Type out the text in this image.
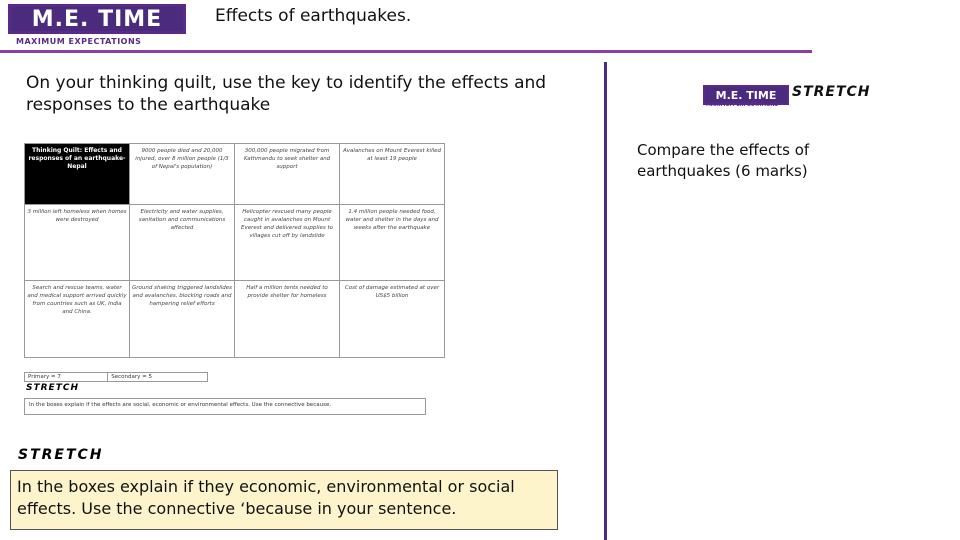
M.E. TIME
MAXIMUM EXPECTATIONS
Effects of earthquakes.
On your thinking quilt, use the key to identify the effects and responses to the earthquake
Thinking Quilt: Effects and responses of an earthquake- Nepal	9000 people died and 20,000 injured, over 8 million people (1/3 of Nepal's population)	300,000 people migrated from Kathmandu to seek shelter and support	Avalanches on Mount Everest killed at least 19 people
3 million left homeless when homes were destroyed	Electricity and water supplies, sanitation and communications affected	Helicopter rescued many people caught in avalanches on Mount Everest and delivered supplies to villages cut off by landslide	1.4 million people needed food, water and shelter in the days and weeks after the earthquake
Search and rescue teams, water and medical support arrived quickly from countries such as UK, India and China.	Ground shaking triggered landslides and avalanches, blocking roads and hampering relief efforts	Half a million tents needed to provide shelter for homeless	Cost of damage estimated at over US$5 billion
Primary = 7	Secondary = 5
STRETCH
In the boxes explain if the effects are social, economic or environmental effects. Use the connective because.
STRETCH
In the boxes explain if they economic, environmental or social effects. Use the connective ‘because in your sentence.
M.E. TIME
MAXIMUM EXPECTATIONS
STRETCH
Compare the effects of earthquakes (6 marks)
